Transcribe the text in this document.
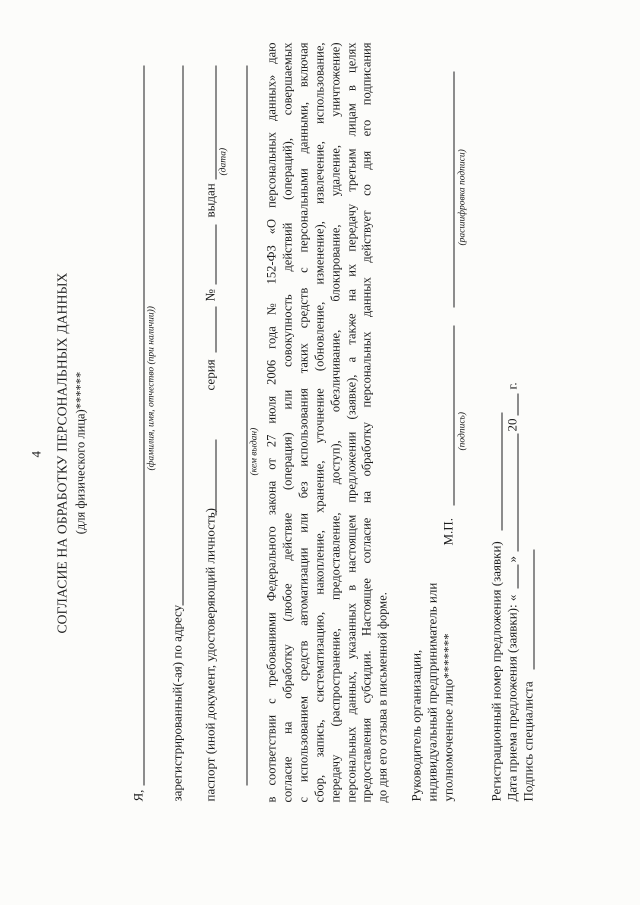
4 СОГЛАСИЕ НА ОБРАБОТКУ ПЕРСОНАЛЬНЫХ ДАННЫХ (для физического лица)******
Я,
(фамилия, имя, отчество (при наличии))
зарегистрированный(-ая) по адресу паспорт (иной документ, удостоверяющий личность)
серия
№
выдан
(дата)
(кем выдан) в соответствии с требованиями Федерального закона от 27 июля 2006 года № 152-ФЗ «О персональных данных» даю согласие на обработку (любое действие (операция) или совокупность действий (операций), совершаемых с использованием средств автоматизации или без использования таких средств с персональными данными, включая сбор, запись, систематизацию, накопление, хранение, уточнение (обновление, изменение), извлечение, использование, передачу (распространение, предоставление, доступ), обезличивание, блокирование, удаление, уничтожение) персональных данных, указанных в настоящем предложении (заявке), а также на их передачу третьим лицам в целях предоставления субсидии. Настоящее согласие на обработку персональных данных действует со дня его подписания до дня его отзыва в письменной форме. Руководитель организации, индивидуальный предприниматель или уполномоченное лицо*******
М.П.
(подпись)
(расшифровка подписи)
Регистрационный номер предложения (заявки) Дата приема предложения (заявки): «
»
20
г.
Подпись специалиста
